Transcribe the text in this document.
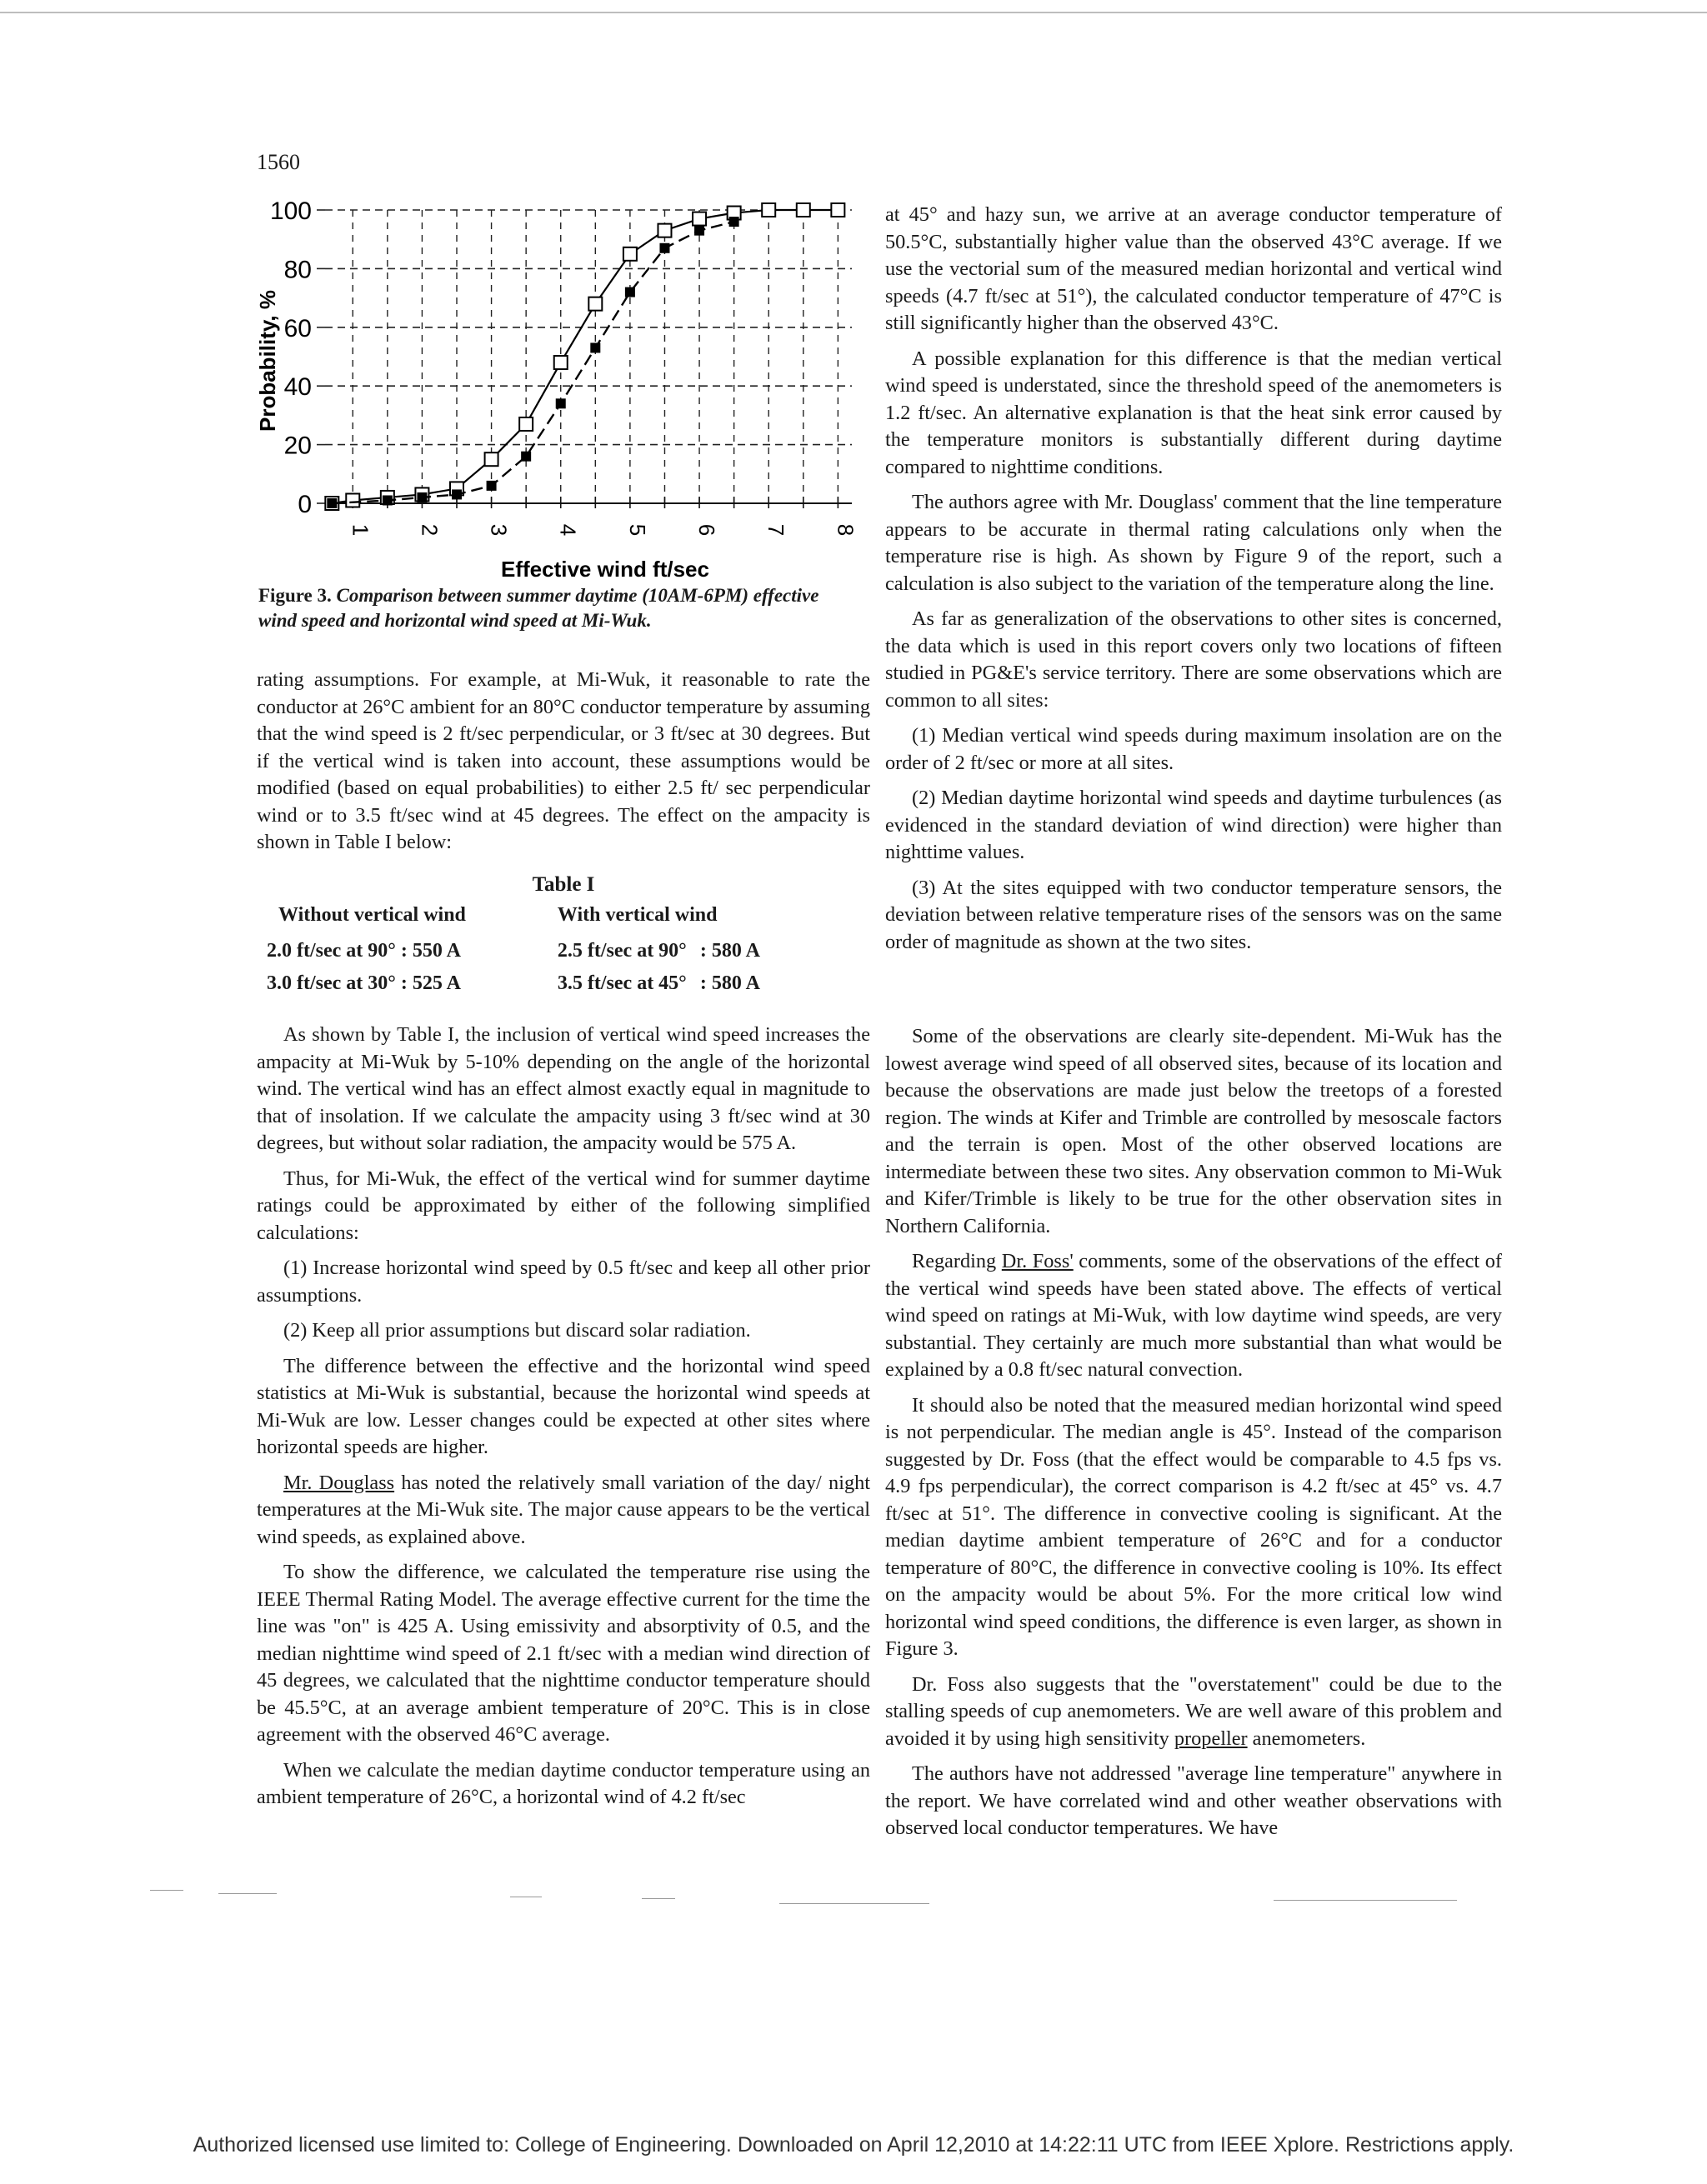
1560
0
20
40
60
80
100
1 2 3 4 5 6 7 8
Effective wind ft/sec
Probability, %
Figure 3. Comparison between summer daytime (10AM-6PM) effective wind speed and horizontal wind speed at Mi-Wuk.

rating assumptions. For example, at Mi-Wuk, it reasonable to rate the conductor at 26°C ambient for an 80°C conductor temperature by assuming that the wind speed is 2 ft/sec perpendicular, or 3 ft/sec at 30 degrees. But if the vertical wind is taken into account, these assumptions would be modified (based on equal probabilities) to either 2.5 ft/ sec perpendicular wind or to 3.5 ft/sec wind at 45 degrees. The effect on the ampacity is shown in Table I below:

Table I
Without vertical wind			With vertical wind		
2.0 ft/sec at 90°	:	550 A	2.5 ft/sec at 90°	:	580 A
3.0 ft/sec at 30°	:	525 A	3.5 ft/sec at 45°	:	580 A

As shown by Table I, the inclusion of vertical wind speed increases the ampacity at Mi-Wuk by 5-10% depending on the angle of the horizontal wind. The vertical wind has an effect almost exactly equal in magnitude to that of insolation. If we calculate the ampacity using 3 ft/sec wind at 30 degrees, but without solar radiation, the ampacity would be 575 A.

Thus, for Mi-Wuk, the effect of the vertical wind for summer daytime ratings could be approximated by either of the following simplified calculations:

(1) Increase horizontal wind speed by 0.5 ft/sec and keep all other prior assumptions.

(2) Keep all prior assumptions but discard solar radiation.

The difference between the effective and the horizontal wind speed statistics at Mi-Wuk is substantial, because the horizontal wind speeds at Mi-Wuk are low. Lesser changes could be expected at other sites where horizontal speeds are higher.

Mr. Douglass has noted the relatively small variation of the day/ night temperatures at the Mi-Wuk site. The major cause appears to be the vertical wind speeds, as explained above.

To show the difference, we calculated the temperature rise using the IEEE Thermal Rating Model. The average effective current for the time the line was "on" is 425 A. Using emissivity and absorptivity of 0.5, and the median nighttime wind speed of 2.1 ft/sec with a median wind direction of 45 degrees, we calculated that the nighttime conductor temperature should be 45.5°C, at an average ambient temperature of 20°C. This is in close agreement with the observed 46°C average.

When we calculate the median daytime conductor temperature using an ambient temperature of 26°C, a horizontal wind of 4.2 ft/sec

at 45° and hazy sun, we arrive at an average conductor temperature of 50.5°C, substantially higher value than the observed 43°C average. If we use the vectorial sum of the measured median horizontal and vertical wind speeds (4.7 ft/sec at 51°), the calculated conductor temperature of 47°C is still significantly higher than the observed 43°C.

A possible explanation for this difference is that the median vertical wind speed is understated, since the threshold speed of the anemometers is 1.2 ft/sec. An alternative explanation is that the heat sink error caused by the temperature monitors is substantially different during daytime compared to nighttime conditions.

The authors agree with Mr. Douglass' comment that the line temperature appears to be accurate in thermal rating calculations only when the temperature rise is high. As shown by Figure 9 of the report, such a calculation is also subject to the variation of the temperature along the line.

As far as generalization of the observations to other sites is concerned, the data which is used in this report covers only two locations of fifteen studied in PG&E's service territory. There are some observations which are common to all sites:

(1) Median vertical wind speeds during maximum insolation are on the order of 2 ft/sec or more at all sites.

(2) Median daytime horizontal wind speeds and daytime turbulences (as evidenced in the standard deviation of wind direction) were higher than nighttime values.

(3) At the sites equipped with two conductor temperature sensors, the deviation between relative temperature rises of the sensors was on the same order of magnitude as shown at the two sites.

Some of the observations are clearly site-dependent. Mi-Wuk has the lowest average wind speed of all observed sites, because of its location and because the observations are made just below the treetops of a forested region. The winds at Kifer and Trimble are controlled by mesoscale factors and the terrain is open. Most of the other observed locations are intermediate between these two sites. Any observation common to Mi-Wuk and Kifer/Trimble is likely to be true for the other observation sites in Northern California.

Regarding Dr. Foss' comments, some of the observations of the effect of the vertical wind speeds have been stated above. The effects of vertical wind speed on ratings at Mi-Wuk, with low daytime wind speeds, are very substantial. They certainly are much more substantial than what would be explained by a 0.8 ft/sec natural convection.

It should also be noted that the measured median horizontal wind speed is not perpendicular. The median angle is 45°. Instead of the comparison suggested by Dr. Foss (that the effect would be comparable to 4.5 fps vs. 4.9 fps perpendicular), the correct comparison is 4.2 ft/sec at 45° vs. 4.7 ft/sec at 51°. The difference in convective cooling is significant. At the median daytime ambient temperature of 26°C and for a conductor temperature of 80°C, the difference in convective cooling is 10%. Its effect on the ampacity would be about 5%. For the more critical low wind horizontal wind speed conditions, the difference is even larger, as shown in Figure 3.

Dr. Foss also suggests that the "overstatement" could be due to the stalling speeds of cup anemometers. We are well aware of this problem and avoided it by using high sensitivity propeller anemometers.

The authors have not addressed "average line temperature" anywhere in the report. We have correlated wind and other weather observations with observed local conductor temperatures. We have

Authorized licensed use limited to: College of Engineering. Downloaded on April 12,2010 at 14:22:11 UTC from IEEE Xplore. Restrictions apply.
